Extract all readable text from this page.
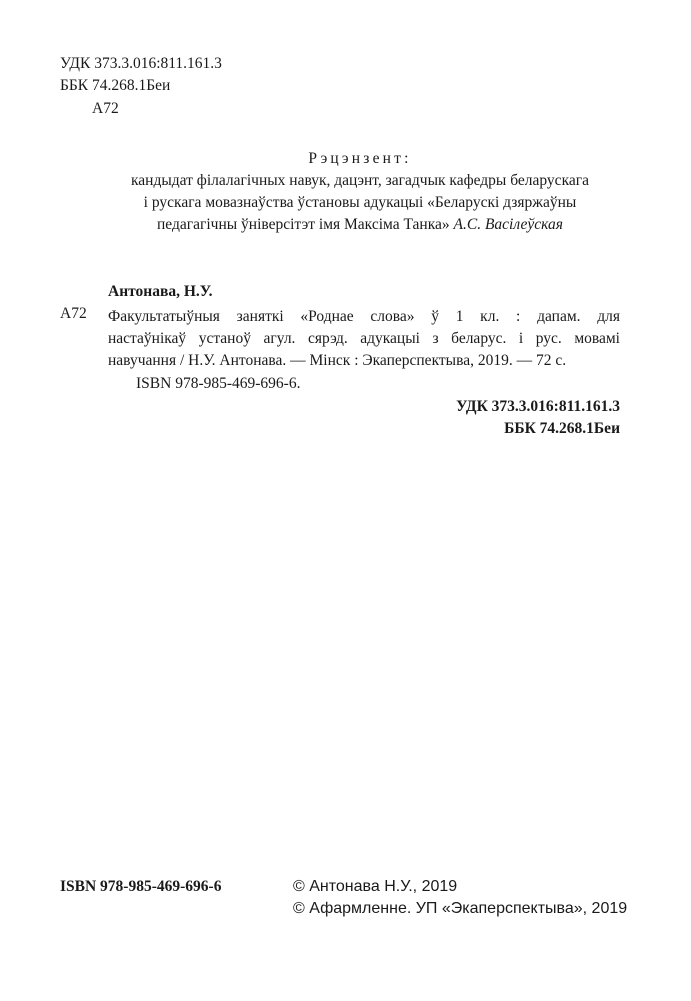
УДК 373.3.016:811.161.3
ББК 74.268.1Беи
А72
Рэцэнзент:
кандыдат філалагічных навук, дацэнт, загадчык кафедры беларускага
і рускага мовазнаўства ўстановы адукацыі «Беларускі дзяржаўны
педагагічны ўніверсітэт імя Максіма Танка» А.С. Васілеўская
А72
Антонава, Н.У.
Факультатыўныя заняткі «Роднае слова» ў 1 кл. : дапам. для
настаўнікаў устаноў агул. сярэд. адукацыі з беларус. і рус. мовамі
навучання / Н.У. Антонава. — Мінск : Экаперспектыва, 2019. — 72 с.
ISBN 978-985-469-696-6.
УДК 373.3.016:811.161.3
ББК 74.268.1Беи
ISBN 978-985-469-696-6	© Антонава Н.У., 2019
© Афармленне. УП «Экаперспектыва», 2019
